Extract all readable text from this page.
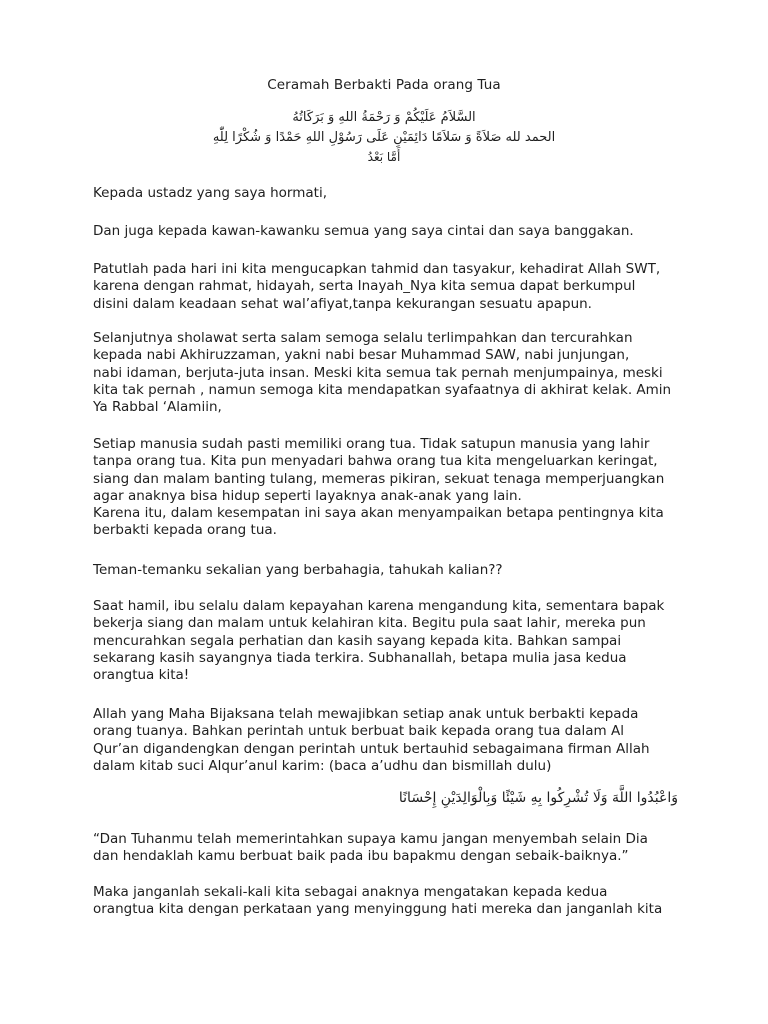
Ceramah Berbakti Pada orang Tua
السَّلاَمُ عَلَيْكُمْ وَ رَحْمَةُ اللهِ وَ بَرَكَاتُهُ
الحمد لله صَلاَةً وَ سَلاَمًا دَائِمَيْنِ عَلَى رَسُوْلِ اللهِ حَمْدًا وَ شُكْرًا لِلّٰهِ
أَمَّا بَعْدُ

Kepada ustadz yang saya hormati,

Dan juga kepada kawan-kawanku semua yang saya cintai dan saya banggakan.

Patutlah pada hari ini kita mengucapkan tahmid dan tasyakur, kehadirat Allah SWT,
karena dengan rahmat, hidayah, serta Inayah_Nya kita semua dapat berkumpul
disini dalam keadaan sehat wal’afiyat,tanpa kekurangan sesuatu apapun.

Selanjutnya sholawat serta salam semoga selalu terlimpahkan dan tercurahkan
kepada nabi Akhiruzzaman, yakni nabi besar Muhammad SAW, nabi junjungan,
nabi idaman, berjuta-juta insan. Meski kita semua tak pernah menjumpainya, meski
kita tak pernah , namun semoga kita mendapatkan syafaatnya di akhirat kelak. Amin
Ya Rabbal ‘Alamiin,

Setiap manusia sudah pasti memiliki orang tua. Tidak satupun manusia yang lahir
tanpa orang tua. Kita pun menyadari bahwa orang tua kita mengeluarkan keringat,
siang dan malam banting tulang, memeras pikiran, sekuat tenaga memperjuangkan
agar anaknya bisa hidup seperti layaknya anak-anak yang lain.
Karena itu, dalam kesempatan ini saya akan menyampaikan betapa pentingnya kita
berbakti kepada orang tua.

Teman-temanku sekalian yang berbahagia, tahukah kalian??

Saat hamil, ibu selalu dalam kepayahan karena mengandung kita, sementara bapak
bekerja siang dan malam untuk kelahiran kita. Begitu pula saat lahir, mereka pun
mencurahkan segala perhatian dan kasih sayang kepada kita. Bahkan sampai
sekarang kasih sayangnya tiada terkira. Subhanallah, betapa mulia jasa kedua
orangtua kita!

Allah yang Maha Bijaksana telah mewajibkan setiap anak untuk berbakti kepada
orang tuanya. Bahkan perintah untuk berbuat baik kepada orang tua dalam Al
Qur’an digandengkan dengan perintah untuk bertauhid sebagaimana firman Allah
dalam kitab suci Alqur’anul karim: (baca a’udhu dan bismillah dulu)

وَاعْبُدُوا اللَّهَ وَلَا تُشْرِكُوا بِهِ شَيْئًا وَبِالْوَالِدَيْنِ إِحْسَانًا

“Dan Tuhanmu telah memerintahkan supaya kamu jangan menyembah selain Dia
dan hendaklah kamu berbuat baik pada ibu bapakmu dengan sebaik-baiknya.”

Maka janganlah sekali-kali kita sebagai anaknya mengatakan kepada kedua
orangtua kita dengan perkataan yang menyinggung hati mereka dan janganlah kita
